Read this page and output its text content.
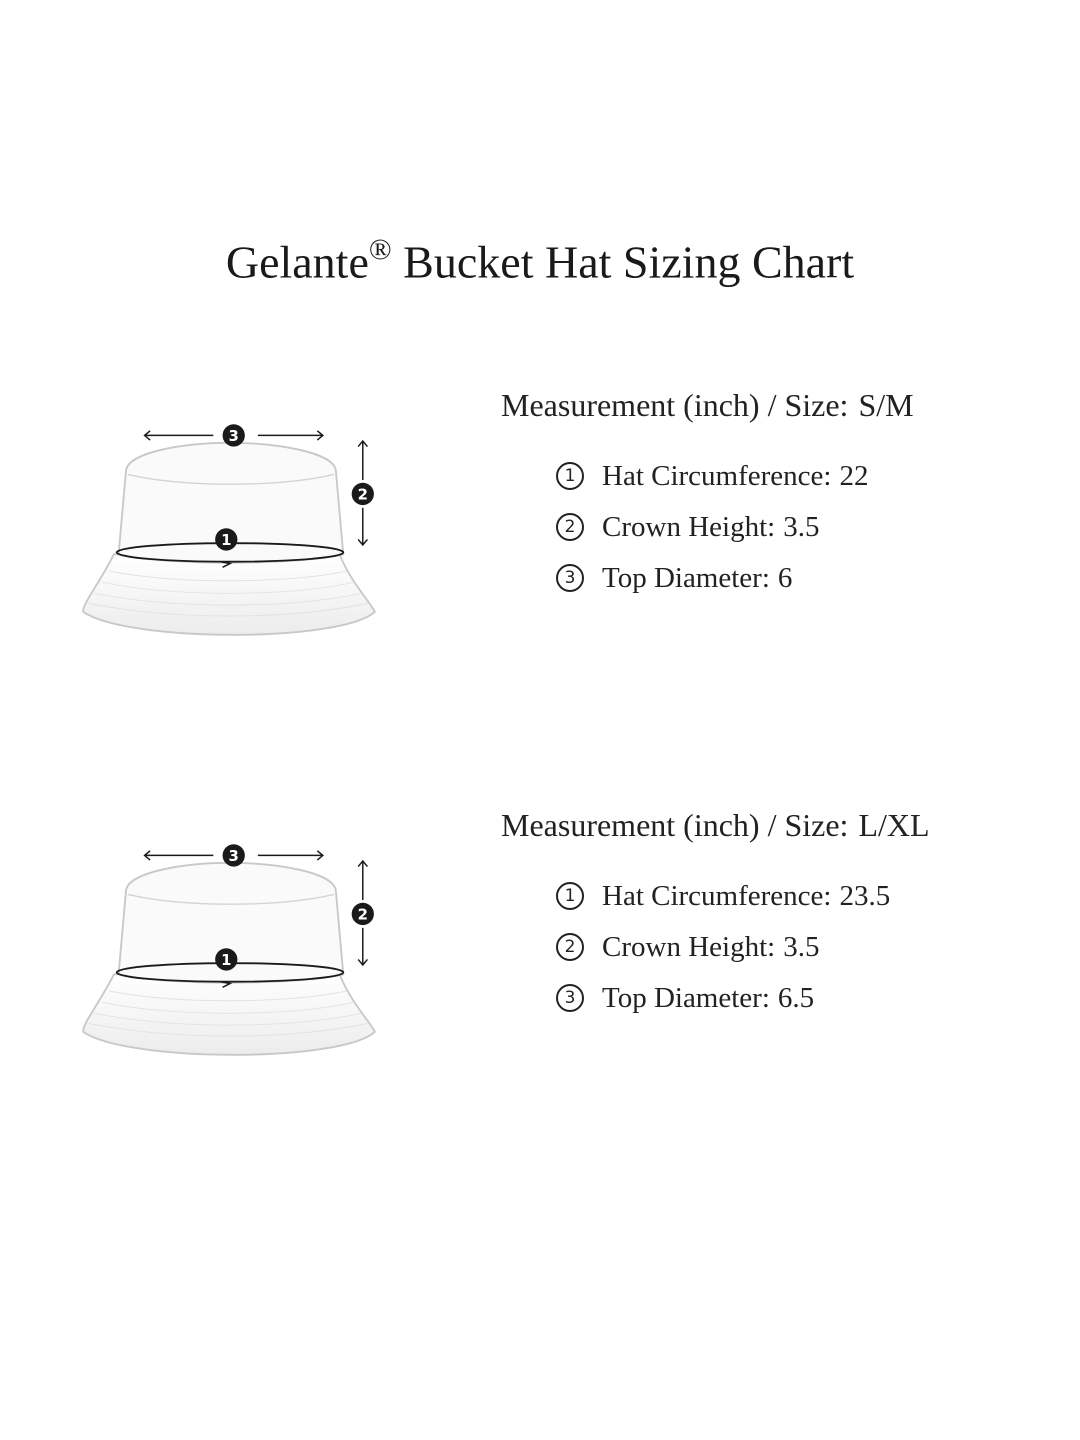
Gelante® Bucket Hat Sizing Chart
3
2
1
Measurement (inch) / Size: S/M
1 Hat Circumference: 22
2 Crown Height: 3.5
3 Top Diameter: 6
3
2
1
Measurement (inch) / Size: L/XL
1 Hat Circumference: 23.5
2 Crown Height: 3.5
3 Top Diameter: 6.5
